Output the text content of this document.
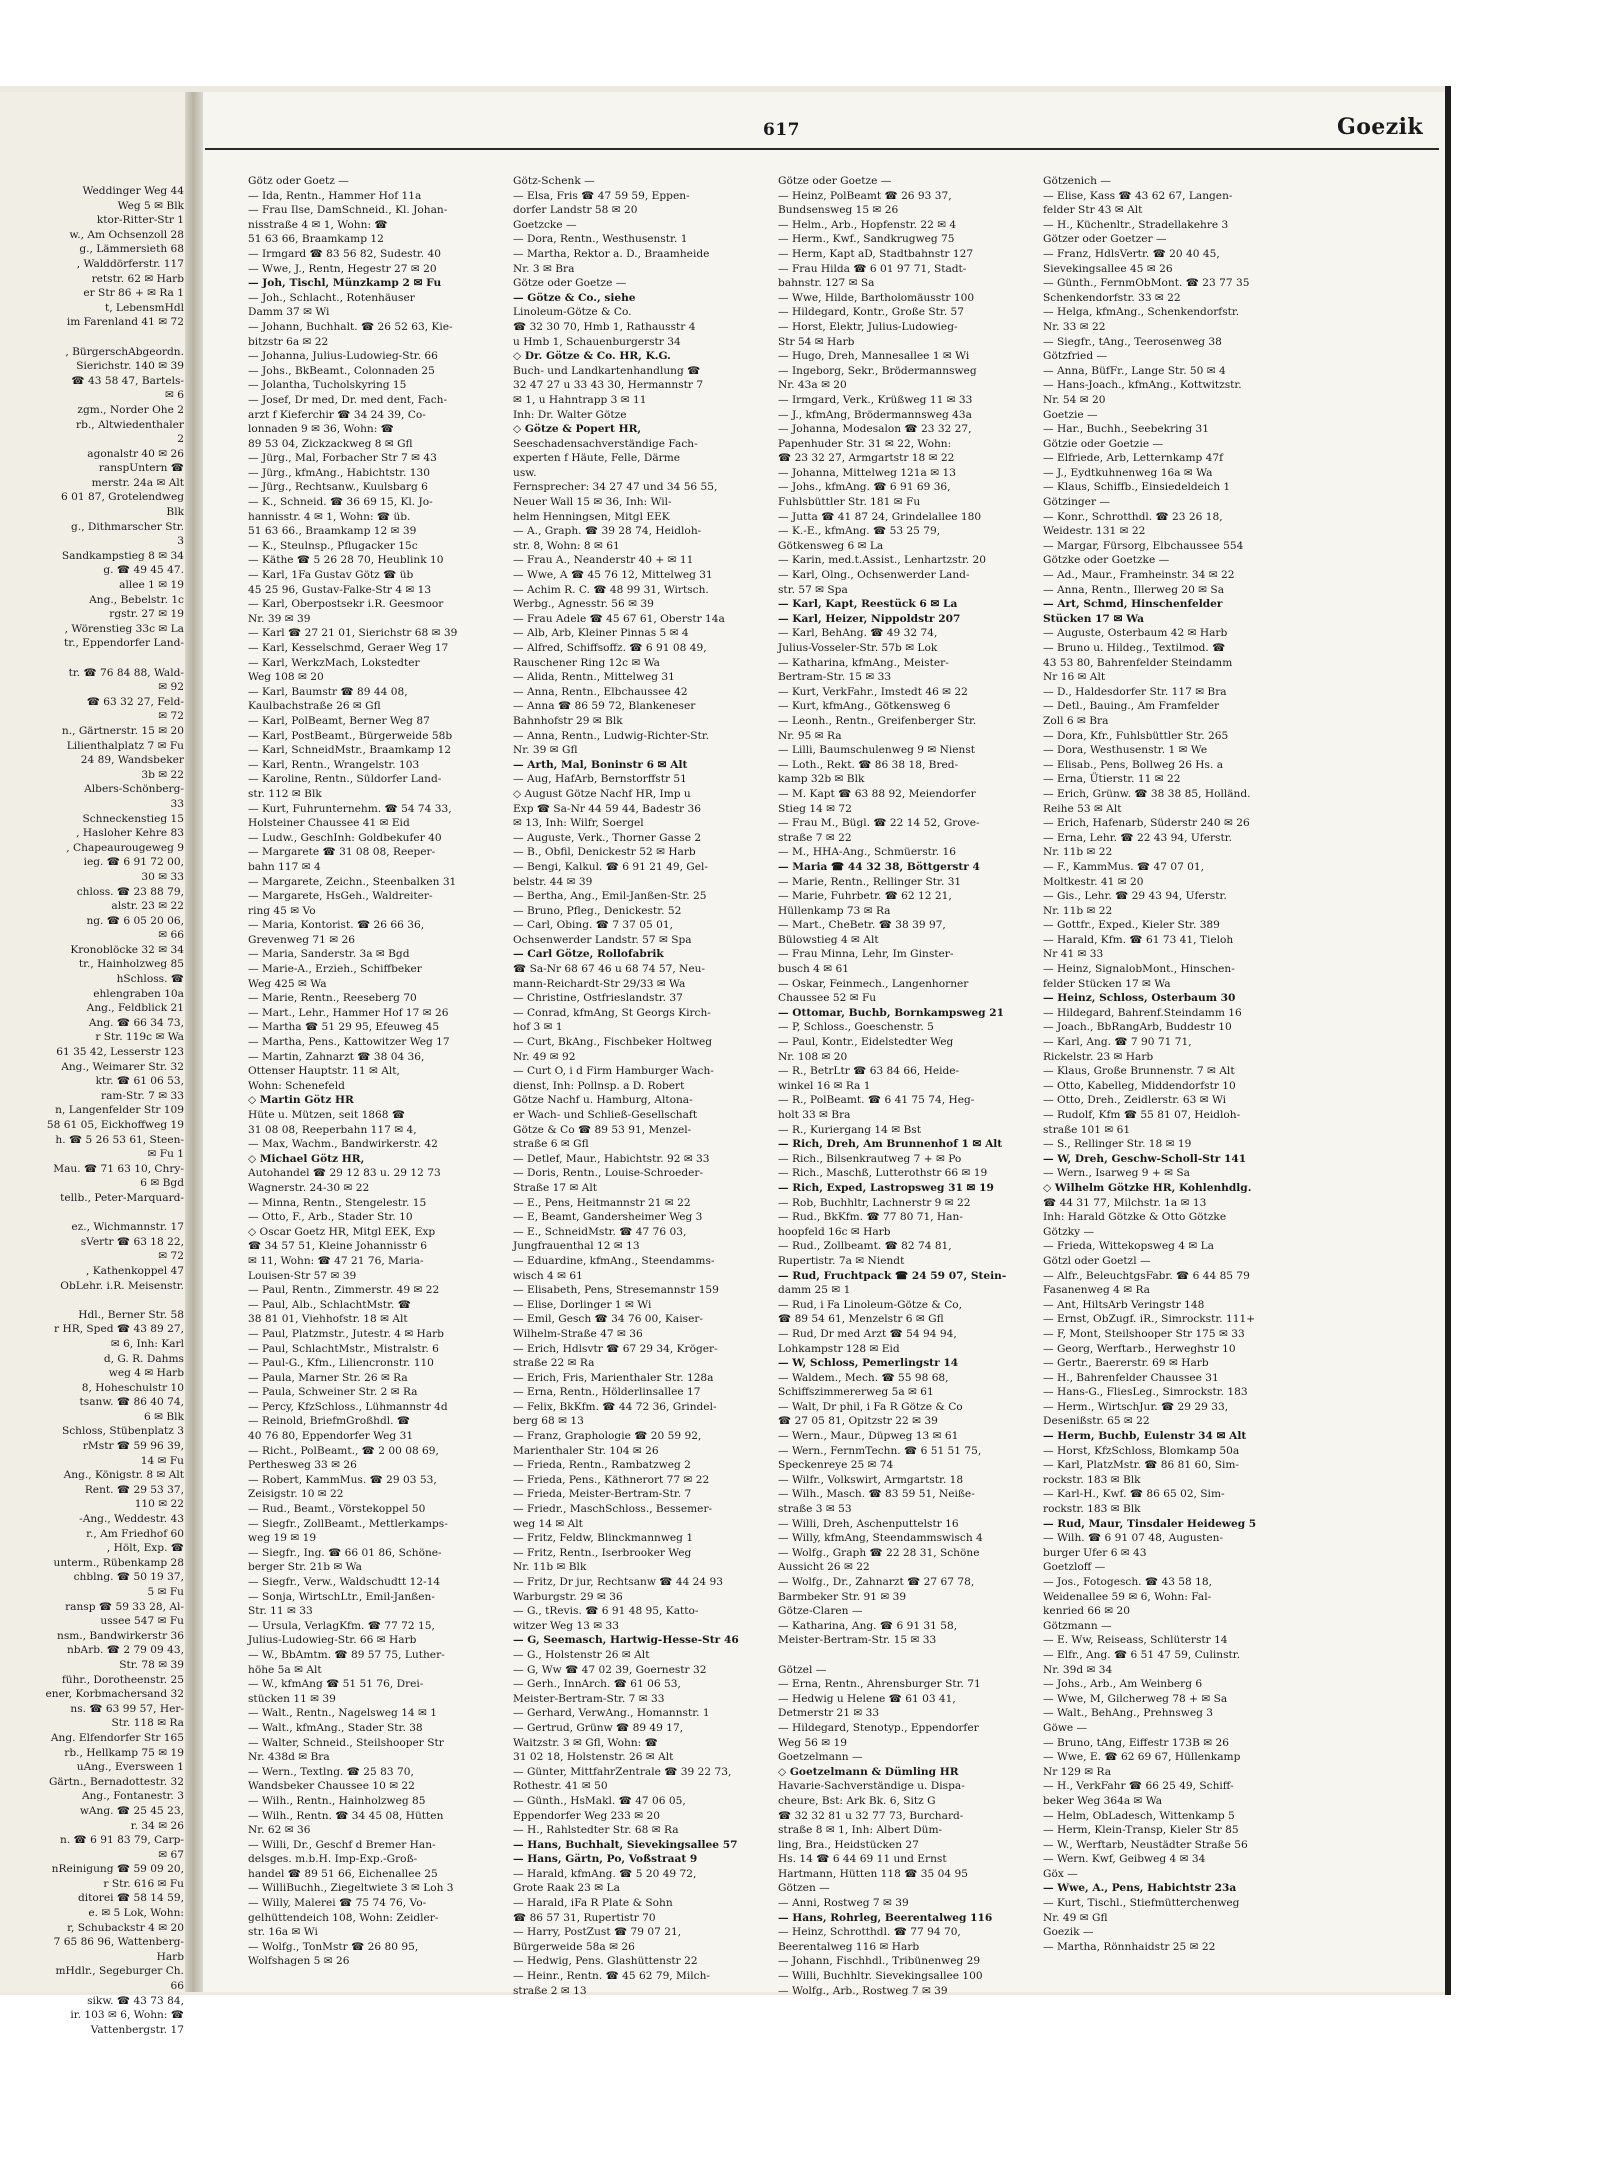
Weddinger Weg 44
Weg 5 ✉ Blk
ktor-Ritter-Str 1
w., Am Ochsenzoll 28
g., Lämmersieth 68
, Walddörferstr. 117
retstr. 62 ✉ Harb
er Str 86 + ✉ Ra 1
t, LebensmHdl
im Farenland 41 ✉ 72

, BürgerschAbgeordn.
Sierichstr. 140 ✉ 39
☎ 43 58 47, Bartels-
✉ 6
zgm., Norder Ohe 2
rb., Altwiedenthaler
2
agonalstr 40 ✉ 26
ranspUntern ☎
merstr. 24a ✉ Alt
6 01 87, Grotelendweg
Blk
g., Dithmarscher Str.
3
Sandkampstieg 8 ✉ 34
g. ☎ 49 45 47.
allee 1 ✉ 19
Ang., Bebelstr. 1c
rgstr. 27 ✉ 19
, Wörenstieg 33c ✉ La
tr., Eppendorfer Land-

tr. ☎ 76 84 88, Wald-
✉ 92
☎ 63 32 27, Feld-
✉ 72
n., Gärtnerstr. 15 ✉ 20
Lilienthalplatz 7 ✉ Fu
24 89, Wandsbeker
3b ✉ 22
Albers-Schönberg-
33
Schneckenstieg 15
, Hasloher Kehre 83
, Chapeaurougeweg 9
ieg. ☎ 6 91 72 00,
30 ✉ 33
chloss. ☎ 23 88 79,
alstr. 23 ✉ 22
ng. ☎ 6 05 20 06,
✉ 66
Kronoblöcke 32 ✉ 34
tr., Hainholzweg 85
hSchloss. ☎
ehlengraben 10a
Ang., Feldblick 21
Ang. ☎ 66 34 73,
r Str. 119c ✉ Wa
61 35 42, Lesserstr 123
Ang., Weimarer Str. 32
ktr. ☎ 61 06 53,
ram-Str. 7 ✉ 33
n, Langenfelder Str 109
58 61 05, Eickhoffweg 19
h. ☎ 5 26 53 61, Steen-
✉ Fu 1
Mau. ☎ 71 63 10, Chry-
6 ✉ Bgd
tellb., Peter-Marquard-

ez., Wichmannstr. 17
sVertr ☎ 63 18 22,
✉ 72
, Kathenkoppel 47
ObLehr. i.R. Meisenstr.

Hdl., Berner Str. 58
r HR, Sped ☎ 43 89 27,
✉ 6, Inh: Karl
d, G. R. Dahms
weg 4 ✉ Harb
8, Hoheschulstr 10
tsanw. ☎ 86 40 74,
6 ✉ Blk
Schloss, Stübenplatz 3
rMstr ☎ 59 96 39,
14 ✉ Fu
Ang., Königstr. 8 ✉ Alt
Rent. ☎ 29 53 37,
110 ✉ 22
-Ang., Weddestr. 43
r., Am Friedhof 60
, Hölt, Exp. ☎
unterm., Rübenkamp 28
chblng. ☎ 50 19 37,
5 ✉ Fu
ransp ☎ 59 33 28, Al-
ussee 547 ✉ Fu
nsm., Bandwirkerstr 36
nbArb. ☎ 2 79 09 43,
Str. 78 ✉ 39
führ., Dorotheenstr. 25
ener, Korbmachersand 32
ns. ☎ 63 99 57, Her-
Str. 118 ✉ Ra
Ang. Elfendorfer Str 165
rb., Hellkamp 75 ✉ 19
uAng., Eversween 1
Gärtn., Bernadottestr. 32
Ang., Fontanestr. 3
wAng. ☎ 25 45 23,
r. 34 ✉ 26
n. ☎ 6 91 83 79, Carp-
✉ 67
nReinigung ☎ 59 09 20,
r Str. 616 ✉ Fu
ditorei ☎ 58 14 59,
e. ✉ 5 Lok, Wohn:
r, Schubackstr 4 ✉ 20
7 65 86 96, Wattenberg-
Harb
mHdlr., Segeburger Ch.
66
sikw. ☎ 43 73 84,
ir. 103 ✉ 6, Wohn: ☎
Vattenbergstr. 17
617	Goezik
Götz oder Goetz —
— Ida, Rentn., Hammer Hof 11a
— Frau Ilse, DamSchneid., Kl. Johan-
nisstraße 4 ✉ 1, Wohn: ☎
51 63 66, Braamkamp 12
— Irmgard ☎ 83 56 82, Sudestr. 40
— Wwe, J., Rentn, Hegestr 27 ✉ 20
— Joh, Tischl, Münzkamp 2 ✉ Fu
— Joh., Schlacht., Rotenhäuser
Damm 37 ✉ Wi
— Johann, Buchhalt. ☎ 26 52 63, Kie-
bitzstr 6a ✉ 22
— Johanna, Julius-Ludowieg-Str. 66
— Johs., BkBeamt., Colonnaden 25
— Jolantha, Tucholskyring 15
— Josef, Dr med, Dr. med dent, Fach-
arzt f Kieferchir ☎ 34 24 39, Co-
lonnaden 9 ✉ 36, Wohn: ☎
89 53 04, Zickzackweg 8 ✉ Gfl
— Jürg., Mal, Forbacher Str 7 ✉ 43
— Jürg., kfmAng., Habichtstr. 130
— Jürg., Rechtsanw., Kuulsbarg 6
— K., Schneid. ☎ 36 69 15, Kl. Jo-
hannisstr. 4 ✉ 1, Wohn: ☎ üb.
51 63 66., Braamkamp 12 ✉ 39
— K., Steulnsp., Pflugacker 15c
— Käthe ☎ 5 26 28 70, Heublink 10
— Karl, 1Fa Gustav Götz ☎ üb
45 25 96, Gustav-Falke-Str 4 ✉ 13
— Karl, Oberpostsekr i.R. Geesmoor
Nr. 39 ✉ 39
— Karl ☎ 27 21 01, Sierichstr 68 ✉ 39
— Karl, Kesselschmd, Geraer Weg 17
— Karl, WerkzMach, Lokstedter
Weg 108 ✉ 20
— Karl, Baumstr ☎ 89 44 08,
Kaulbachstraße 26 ✉ Gfl
— Karl, PolBeamt, Berner Weg 87
— Karl, PostBeamt., Bürgerweide 58b
— Karl, SchneidMstr., Braamkamp 12
— Karl, Rentn., Wrangelstr. 103
— Karoline, Rentn., Süldorfer Land-
str. 112 ✉ Blk
— Kurt, Fuhrunternehm. ☎ 54 74 33,
Holsteiner Chaussee 41 ✉ Eid
— Ludw., GeschInh: Goldbekufer 40
— Margarete ☎ 31 08 08, Reeper-
bahn 117 ✉ 4
— Margarete, Zeichn., Steenbalken 31
— Margarete, HsGeh., Waldreiter-
ring 45 ✉ Vo
— Maria, Kontorist. ☎ 26 66 36,
Grevenweg 71 ✉ 26
— Maria, Sanderstr. 3a ✉ Bgd
— Marie-A., Erzieh., Schiffbeker
Weg 425 ✉ Wa
— Marie, Rentn., Reeseberg 70
— Mart., Lehr., Hammer Hof 17 ✉ 26
— Martha ☎ 51 29 95, Efeuweg 45
— Martha, Pens., Kattowitzer Weg 17
— Martin, Zahnarzt ☎ 38 04 36,
Ottenser Hauptstr. 11 ✉ Alt,
Wohn: Schenefeld
◇ Martin Götz HR
Hüte u. Mützen, seit 1868 ☎
31 08 08, Reeperbahn 117 ✉ 4,
— Max, Wachm., Bandwirkerstr. 42
◇ Michael Götz HR,
Autohandel ☎ 29 12 83 u. 29 12 73
Wagnerstr. 24-30 ✉ 22
— Minna, Rentn., Stengelestr. 15
— Otto, F., Arb., Stader Str. 10
◇ Oscar Goetz HR, Mitgl EEK, Exp
☎ 34 57 51, Kleine Johannisstr 6
✉ 11, Wohn: ☎ 47 21 76, Maria-
Louisen-Str 57 ✉ 39
— Paul, Rentn., Zimmerstr. 49 ✉ 22
— Paul, Alb., SchlachtMstr. ☎
38 81 01, Viehhofstr. 18 ✉ Alt
— Paul, Platzmstr., Jutestr. 4 ✉ Harb
— Paul, SchlachtMstr., Mistralstr. 6
— Paul-G., Kfm., Liliencronstr. 110
— Paula, Marner Str. 26 ✉ Ra
— Paula, Schweiner Str. 2 ✉ Ra
— Percy, KfzSchloss., Lühmannstr 4d
— Reinold, BriefmGroßhdl. ☎
40 76 80, Eppendorfer Weg 31
— Richt., PolBeamt., ☎ 2 00 08 69,
Perthesweg 33 ✉ 26
— Robert, KammMus. ☎ 29 03 53,
Zeisigstr. 10 ✉ 22
— Rud., Beamt., Vörstekoppel 50
— Siegfr., ZollBeamt., Mettlerkamps-
weg 19 ✉ 19
— Siegfr., Ing. ☎ 66 01 86, Schöne-
berger Str. 21b ✉ Wa
— Siegfr., Verw., Waldschudtt 12-14
— Sonja, WirtschLtr., Emil-Janßen-
Str. 11 ✉ 33
— Ursula, VerlagKfm. ☎ 77 72 15,
Julius-Ludowieg-Str. 66 ✉ Harb
— W., BbAmtm. ☎ 89 57 75, Luther-
höhe 5a ✉ Alt
— W., kfmAng ☎ 51 51 76, Drei-
stücken 11 ✉ 39
— Walt., Rentn., Nagelsweg 14 ✉ 1
— Walt., kfmAng., Stader Str. 38
— Walter, Schneid., Steilshooper Str
Nr. 438d ✉ Bra
— Wern., Textlng. ☎ 25 83 70,
Wandsbeker Chaussee 10 ✉ 22
— Wilh., Rentn., Hainholzweg 85
— Wilh., Rentn. ☎ 34 45 08, Hütten
Nr. 62 ✉ 36
— Willi, Dr., Geschf d Bremer Han-
delsges. m.b.H. Imp-Exp.-Groß-
handel ☎ 89 51 66, Eichenallee 25
— WilliBuchh., Ziegeltwiete 3 ✉ Loh 3
— Willy, Malerei ☎ 75 74 76, Vo-
gelhüttendeich 108, Wohn: Zeidler-
str. 16a ✉ Wi
— Wolfg., TonMstr ☎ 26 80 95,
Wolfshagen 5 ✉ 26
Götz-Schenk —
— Elsa, Fris ☎ 47 59 59, Eppen-
dorfer Landstr 58 ✉ 20
Goetzcke —
— Dora, Rentn., Westhusenstr. 1
— Martha, Rektor a. D., Braamheide
Nr. 3 ✉ Bra
Götze oder Goetze —
— Götze & Co., siehe
Linoleum-Götze & Co.
☎ 32 30 70, Hmb 1, Rathausstr 4
u Hmb 1, Schauenburgerstr 34
◇ Dr. Götze & Co. HR, K.G.
Buch- und Landkartenhandlung ☎
32 47 27 u 33 43 30, Hermannstr 7
✉ 1, u Hahntrapp 3 ✉ 11
Inh: Dr. Walter Götze
◇ Götze & Popert HR,
Seeschadensachverständige Fach-
experten f Häute, Felle, Därme
usw.
Fernsprecher: 34 27 47 und 34 56 55,
Neuer Wall 15 ✉ 36, Inh: Wil-
helm Henningsen, Mitgl EEK
— A., Graph. ☎ 39 28 74, Heidloh-
str. 8, Wohn: 8 ✉ 61
— Frau A., Neanderstr 40 + ✉ 11
— Wwe, A ☎ 45 76 12, Mittelweg 31
— Achim R. C. ☎ 48 99 31, Wirtsch.
Werbg., Agnesstr. 56 ✉ 39
— Frau Adele ☎ 45 67 61, Oberstr 14a
— Alb, Arb, Kleiner Pinnas 5 ✉ 4
— Alfred, Schiffsoffz. ☎ 6 91 08 49,
Rauschener Ring 12c ✉ Wa
— Alida, Rentn., Mittelweg 31
— Anna, Rentn., Elbchaussee 42
— Anna ☎ 86 59 72, Blankeneser
Bahnhofstr 29 ✉ Blk
— Anna, Rentn., Ludwig-Richter-Str.
Nr. 39 ✉ Gfl
— Arth, Mal, Boninstr 6 ✉ Alt
— Aug, HafArb, Bernstorffstr 51
◇ August Götze Nachf HR, Imp u
Exp ☎ Sa-Nr 44 59 44, Badestr 36
✉ 13, Inh: Wilfr, Soergel
— Auguste, Verk., Thorner Gasse 2
— B., Obfil, Denickestr 52 ✉ Harb
— Bengi, Kalkul. ☎ 6 91 21 49, Gel-
belstr. 44 ✉ 39
— Bertha, Ang., Emil-Janßen-Str. 25
— Bruno, Pfleg., Denickestr. 52
— Carl, Obing. ☎ 7 37 05 01,
Ochsenwerder Landstr. 57 ✉ Spa
— Carl Götze, Rollofabrik
☎ Sa-Nr 68 67 46 u 68 74 57, Neu-
mann-Reichardt-Str 29/33 ✉ Wa
— Christine, Ostfriesland​str. 37
— Conrad, kfmAng, St Georgs Kirch-
hof 3 ✉ 1
— Curt, BkAng., Fischbeker Holtweg
Nr. 49 ✉ 92
— Curt O, i d Firm Hamburger Wach-
dienst, Inh: Pollnsp. a D. Robert
Götze Nachf u. Hamburg, Altona-
er Wach- und Schließ-Gesellschaft
Götze & Co ☎ 89 53 91, Menzel-
straße 6 ✉ Gfl
— Detlef, Maur., Habichtstr. 92 ✉ 33
— Doris, Rentn., Louise-Schroeder-
Straße 17 ✉ Alt
— E., Pens, Heitmannstr 21 ✉ 22
— E, Beamt, Gandersheimer Weg 3
— E., SchneidMstr. ☎ 47 76 03,
Jungfrauenthal 12 ✉ 13
— Eduardine, kfmAng., Steendamms-
wisch 4 ✉ 61
— Elisabeth, Pens, Stresemannstr 159
— Elise, Dorlinger 1 ✉ Wi
— Emil, Gesch ☎ 34 76 00, Kaiser-
Wilhelm-Straße 47 ✉ 36
— Erich, Hdlsvtr ☎ 67 29 34, Kröger-
straße 22 ✉ Ra
— Erich, Fris, Marienthaler Str. 128a
— Erna, Rentn., Hölderlinsallee 17
— Felix, BkKfm. ☎ 44 72 36, Grindel-
berg 68 ✉ 13
— Franz, Graphologie ☎ 20 59 92,
Marienthaler Str. 104 ✉ 26
— Frieda, Rentn., Rambatzweg 2
— Frieda, Pens., Käthnerort 77 ✉ 22
— Frieda, Meister-Bertram-Str. 7
— Friedr., MaschSchloss., Bessemer-
weg 14 ✉ Alt
— Fritz, Feldw, Blinckmannweg 1
— Fritz, Rentn., Iserbrooker Weg
Nr. 11b ✉ Blk
— Fritz, Dr jur, Rechtsanw ☎ 44 24 93
Warburgstr. 29 ✉ 36
— G., tRevis. ☎ 6 91 48 95, Katto-
witzer Weg 13 ✉ 33
— G, Seemasch, Hartwig-Hesse-Str 46
— G., Holstenstr 26 ✉ Alt
— G, Ww ☎ 47 02 39, Goernestr 32
— Gerh., InnArch. ☎ 61 06 53,
Meister-Bertram-Str. 7 ✉ 33
— Gerhard, VerwAng., Homannstr. 1
— Gertrud, Grünw ☎ 89 49 17,
Waitzstr. 3 ✉ Gfl, Wohn: ☎
31 02 18, Holstenstr. 26 ✉ Alt
— Günter, MittfahrZentrale ☎ 39 22 73,
Rothestr. 41 ✉ 50
— Günth., HsMakl. ☎ 47 06 05,
Eppendorfer Weg 233 ✉ 20
— H., Rahlstedter Str. 68 ✉ Ra
— Hans, Buchhalt, Sievekingsallee 57
— Hans, Gärtn, Po, Voßstraat 9
— Harald, kfmAng. ☎ 5 20 49 72,
Grote Raak 23 ✉ La
— Harald, iFa R Plate & Sohn
☎ 86 57 31, Rupertistr 70
— Harry, PostZust ☎ 79 07 21,
Bürgerweide 58a ✉ 26
— Hedwig, Pens. Glashüttenstr 22
— Heinr., Rentn. ☎ 45 62 79, Milch-
straße 2 ✉ 13
Götze oder Goetze —
— Heinz, PolBeamt ☎ 26 93 37,
Bundsensweg 15 ✉ 26
— Helm., Arb., Hopfenstr. 22 ✉ 4
— Herm., Kwf., Sandkrugweg 75
— Herm, Kapt aD, Stadtbahnstr 127
— Frau Hilda ☎ 6 01 97 71, Stadt-
bahnstr. 127 ✉ Sa
— Wwe, Hilde, Bartholomäusstr 100
— Hildegard, Kontr., Große Str. 57
— Horst, Elektr, Julius-Ludowieg-
Str 54 ✉ Harb
— Hugo, Dreh, Mannesallee 1 ✉ Wi
— Ingeborg, Sekr., Brödermannsweg
Nr. 43a ✉ 20
— Irmgard, Verk., Krüßweg 11 ✉ 33
— J., kfmAng, Brödermannsweg 43a
— Johanna, Modesalon ☎ 23 32 27,
Papenhuder Str. 31 ✉ 22, Wohn:
☎ 23 32 27, Armgartstr 18 ✉ 22
— Johanna, Mittelweg 121a ✉ 13
— Johs., kfmAng. ☎ 6 91 69 36,
Fuhlsbüttler Str. 181 ✉ Fu
— Jutta ☎ 41 87 24, Grindelallee 180
— K.-E., kfmAng. ☎ 53 25 79,
Götkensweg 6 ✉ La
— Karin, med.t.Assist., Lenhartzstr. 20
— Karl, Olng., Ochsenwerder Land-
str. 57 ✉ Spa
— Karl, Kapt, Reestück 6 ✉ La
— Karl, Heizer, Nippoldstr 207
— Karl, BehAng. ☎ 49 32 74,
Julius-Vosseler-Str. 57b ✉ Lok
— Katharina, kfmAng., Meister-
Bertram-Str. 15 ✉ 33
— Kurt, VerkFahr., Imstedt 46 ✉ 22
— Kurt, kfmAng., Götkensweg 6
— Leonh., Rentn., Greifenberger Str.
Nr. 95 ✉ Ra
— Lilli, Baumschulenweg 9 ✉ Nienst
— Loth., Rekt. ☎ 86 38 18, Bred-
kamp 32b ✉ Blk
— M. Kapt ☎ 63 88 92, Meiendorfer
Stieg 14 ✉ 72
— Frau M., Bügl. ☎ 22 14 52, Grove-
straße 7 ✉ 22
— M., HHA-Ang., Schmüerstr. 16
— Maria ☎ 44 32 38, Böttgerstr 4
— Marie, Rentn., Rellinger Str. 31
— Marie, Fuhrbetr. ☎ 62 12 21,
Hüllenkamp 73 ✉ Ra
— Mart., CheBetr. ☎ 38 39 97,
Bülowstieg 4 ✉ Alt
— Frau Minna, Lehr, Im Ginster-
busch 4 ✉ 61
— Oskar, Feinmech., Langenhorner
Chaussee 52 ✉ Fu
— Ottomar, Buchb, Bornkampsweg 21
— P, Schloss., Goeschenstr. 5
— Paul, Kontr., Eidelstedter Weg
Nr. 108 ✉ 20
— R., BetrLtr ☎ 63 84 66, Heide-
winkel 16 ✉ Ra 1
— R., PolBeamt. ☎ 6 41 75 74, Heg-
holt 33 ✉ Bra
— R., Kuriergang 14 ✉ Bst
— Rich, Dreh, Am Brunnenhof 1 ✉ Alt
— Rich., Bilsenkrautweg 7 + ✉ Po
— Rich., Maschß, Lutterothstr 66 ✉ 19
— Rich, Exped, Lastropsweg 31 ✉ 19
— Rob, Buchhltr, Lachnerstr 9 ✉ 22
— Rud., BkKfm. ☎ 77 80 71, Han-
hoopfeld 16c ✉ Harb
— Rud., Zollbeamt. ☎ 82 74 81,
Rupertistr. 7a ✉ Niendt
— Rud, Fruchtpack ☎ 24 59 07, Stein-
damm 25 ✉ 1
— Rud, i Fa Linoleum-Götze & Co,
☎ 89 54 61, Menzelstr 6 ✉ Gfl
— Rud, Dr med Arzt ☎ 54 94 94,
Lohkampstr 128 ✉ Eid
— W, Schloss, Pemerlingstr 14
— Waldem., Mech. ☎ 55 98 68,
Schiffszimmererweg 5a ✉ 61
— Walt, Dr phil, i Fa R Götze & Co
☎ 27 05 81, Opitzstr 22 ✉ 39
— Wern., Maur., Düpweg 13 ✉ 61
— Wern., FernmTechn. ☎ 6 51 51 75,
Speckenreye 25 ✉ 74
— Wilfr., Volkswirt, Armgartstr. 18
— Wilh., Masch. ☎ 83 59 51, Neiße-
straße 3 ✉ 53
— Willi, Dreh, Aschenputtelstr 16
— Willy, kfmAng, Steendammswisch 4
— Wolfg., Graph ☎ 22 28 31, Schöne
Aussicht 26 ✉ 22
— Wolfg., Dr., Zahnarzt ☎ 27 67 78,
Barmbeker Str. 91 ✉ 39
Götze-Claren —
— Katharina, Ang. ☎ 6 91 31 58,
Meister-Bertram-Str. 15 ✉ 33

Götzel —
— Erna, Rentn., Ahrensburger Str. 71
— Hedwig u Helene ☎ 61 03 41,
Detmerstr 21 ✉ 33
— Hildegard, Stenotyp., Eppendorfer
Weg 56 ✉ 19
Goetzelmann —
◇ Goetzelmann & Dümling HR
Havarie-Sachverständige u. Dispa-
cheure, Bst: Ark Bk. 6, Sitz G
☎ 32 32 81 u 32 77 73, Burchard-
straße 8 ✉ 1, Inh: Albert Düm-
ling, Bra., Heidstücken 27
Hs. 14 ☎ 6 44 69 11 und Ernst
Hartmann, Hütten 118 ☎ 35 04 95
Götzen —
— Anni, Rostweg 7 ✉ 39
— Hans, Rohrleg, Beerentalweg 116
— Heinz, Schrotthdl. ☎ 77 94 70,
Beerentalweg 116 ✉ Harb
— Johann, Fischhdl., Tribünenweg 29
— Willi, Buchhltr. Sievekingsallee 100
— Wolfg., Arb., Rostweg 7 ✉ 39
Götzenich —
— Elise, Kass ☎ 43 62 67, Langen-
felder Str 43 ✉ Alt
— H., Küchenltr., Stradellakehre 3
Götzer oder Goetzer —
— Franz, HdlsVertr. ☎ 20 40 45,
Sievekingsallee 45 ✉ 26
— Günth., FernmObMont. ☎ 23 77 35
Schenkendorfstr. 33 ✉ 22
— Helga, kfmAng., Schenkendorfstr.
Nr. 33 ✉ 22
— Siegfr., tAng., Teerosenweg 38
Götzfried —
— Anna, BüfFr., Lange Str. 50 ✉ 4
— Hans-Joach., kfmAng., Kottwitzstr.
Nr. 54 ✉ 20
Goetzie —
— Har., Buchh., Seebekring 31
Götzie oder Goetzie —
— Elfriede, Arb, Letternkamp 47f
— J., Eydtkuhnenweg 16a ✉ Wa
— Klaus, Schiffb., Einsiedeldeich 1
Götzinger —
— Konr., Schrotthdl. ☎ 23 26 18,
Weidestr. 131 ✉ 22
— Margar, Fürsorg, Elbchaussee 554
Götzke oder Goetzke —
— Ad., Maur., Framheinstr. 34 ✉ 22
— Anna, Rentn., Illerweg 20 ✉ Sa
— Art, Schmd, Hinschenfelder
Stücken 17 ✉ Wa
— Auguste, Osterbaum 42 ✉ Harb
— Bruno u. Hildeg., Textilmod. ☎
43 53 80, Bahrenfelder Steindamm
Nr 16 ✉ Alt
— D., Haldesdorfer Str. 117 ✉ Bra
— Detl., Bauing., Am Framfelder
Zoll 6 ✉ Bra
— Dora, Kfr., Fuhlsbüttler Str. 265
— Dora, Westhusenstr. 1 ✉ We
— Elisab., Pens, Bollweg 26 Hs. a
— Erna, Ütierstr. 11 ✉ 22
— Erich, Grünw. ☎ 38 38 85, Holländ.
Reihe 53 ✉ Alt
— Erich, Hafenarb, Süderstr 240 ✉ 26
— Erna, Lehr. ☎ 22 43 94, Uferstr.
Nr. 11b ✉ 22
— F., KammMus. ☎ 47 07 01,
Moltkestr. 41 ✉ 20
— Gis., Lehr. ☎ 29 43 94, Uferstr.
Nr. 11b ✉ 22
— Gottfr., Exped., Kieler Str. 389
— Harald, Kfm. ☎ 61 73 41, Tieloh
Nr 41 ✉ 33
— Heinz, SignalobMont., Hinschen-
felder Stücken 17 ✉ Wa
— Heinz, Schloss, Osterbaum 30
— Hildegard, Bahrenf.Steindamm 16
— Joach., BbRangArb, Buddestr 10
— Karl, Ang. ☎ 7 90 71 71,
Rickelstr. 23 ✉ Harb
— Klaus, Große Brunnenstr. 7 ✉ Alt
— Otto, Kabelleg, Middendorfstr 10
— Otto, Dreh., Zeidlerstr. 63 ✉ Wi
— Rudolf, Kfm ☎ 55 81 07, Heidloh-
straße 101 ✉ 61
— S., Rellinger Str. 18 ✉ 19
— W, Dreh, Geschw-Scholl-Str 141
— Wern., Isarweg 9 + ✉ Sa
◇ Wilhelm Götzke HR, Kohlenhdlg.
☎ 44 31 77, Milchstr. 1a ✉ 13
Inh: Harald Götzke & Otto Götzke
Götzky —
— Frieda, Wittekopsweg 4 ✉ La
Götzl oder Goetzl —
— Alfr., BeleuchtgsFabr. ☎ 6 44 85 79
Fasanenweg 4 ✉ Ra
— Ant, HiltsArb Veringstr 148
— Ernst, ObZugf. iR., Simrockstr. 111+
— F, Mont, Steilshooper Str 175 ✉ 33
— Georg, Werftarb., Herweghstr 10
— Gertr., Baererstr. 69 ✉ Harb
— H., Bahrenfelder Chaussee 31
— Hans-G., FliesLeg., Simrockstr. 183
— Herm., WirtschJur. ☎ 29 29 33,
Desenißstr. 65 ✉ 22
— Herm, Buchb, Eulenstr 34 ✉ Alt
— Horst, KfzSchloss, Blomkamp 50a
— Karl, PlatzMstr. ☎ 86 81 60, Sim-
rockstr. 183 ✉ Blk
— Karl-H., Kwf. ☎ 86 65 02, Sim-
rockstr. 183 ✉ Blk
— Rud, Maur, Tinsdaler Heideweg 5
— Wilh. ☎ 6 91 07 48, Augusten-
burger Ufer 6 ✉ 43
Goetzloff —
— Jos., Fotogesch. ☎ 43 58 18,
Weidenallee 59 ✉ 6, Wohn: Fal-
kenried 66 ✉ 20
Götzmann —
— E. Ww, Reiseass, Schlüterstr 14
— Elfr., Ang. ☎ 6 51 47 59, Culinstr.
Nr. 39d ✉ 34
— Johs., Arb., Am Weinberg 6
— Wwe, M, Gilcherweg 78 + ✉ Sa
— Walt., BehAng., Prehnsweg 3
Göwe —
— Bruno, tAng, Eiffestr 173B ✉ 26
— Wwe, E. ☎ 62 69 67, Hüllenkamp
Nr 129 ✉ Ra
— H., VerkFahr ☎ 66 25 49, Schiff-
beker Weg 364a ✉ Wa
— Helm, ObLadesch, Wittenkamp 5
— Herm, Klein-Transp, Kieler Str 85
— W., Werftarb, Neustädter Straße 56
— Wern. Kwf, Geibweg 4 ✉ 34
Göx —
— Wwe, A., Pens, Habichtstr 23a
— Kurt, Tischl., Stiefmütterchenweg
Nr. 49 ✉ Gfl
Goezik —
— Martha, Rönnhaidstr 25 ✉ 22
